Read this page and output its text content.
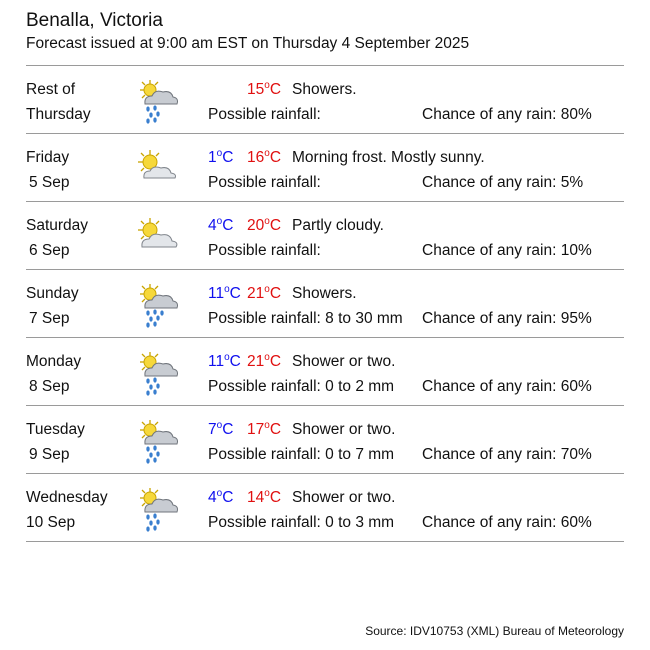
Benalla, Victoria
Forecast issued at 9:00 am EST on Thursday 4 September 2025
Rest of
Thursday
15$^o$C Showers.
Possible rainfall:	Chance of any rain: 80%
Friday
5 Sep
1$^o$C 16$^o$C Morning frost. Mostly sunny.
Possible rainfall:	Chance of any rain: 5%
Saturday
6 Sep
4$^o$C 20$^o$C Partly cloudy.
Possible rainfall:	Chance of any rain: 10%
Sunday
7 Sep
11$^o$C 21$^o$C Showers.
Possible rainfall: 8 to 30 mm Chance of any rain: 95%
Monday
8 Sep
11$^o$C 21$^o$C Shower or two.
Possible rainfall: 0 to 2 mm Chance of any rain: 60%
Tuesday
9 Sep
7$^o$C 17$^o$C Shower or two.
Possible rainfall: 0 to 7 mm Chance of any rain: 70%
Wednesday
10 Sep
4$^o$C 14$^o$C Shower or two.
Possible rainfall: 0 to 3 mm Chance of any rain: 60%
Source: IDV10753 (XML) Bureau of Meteorology
